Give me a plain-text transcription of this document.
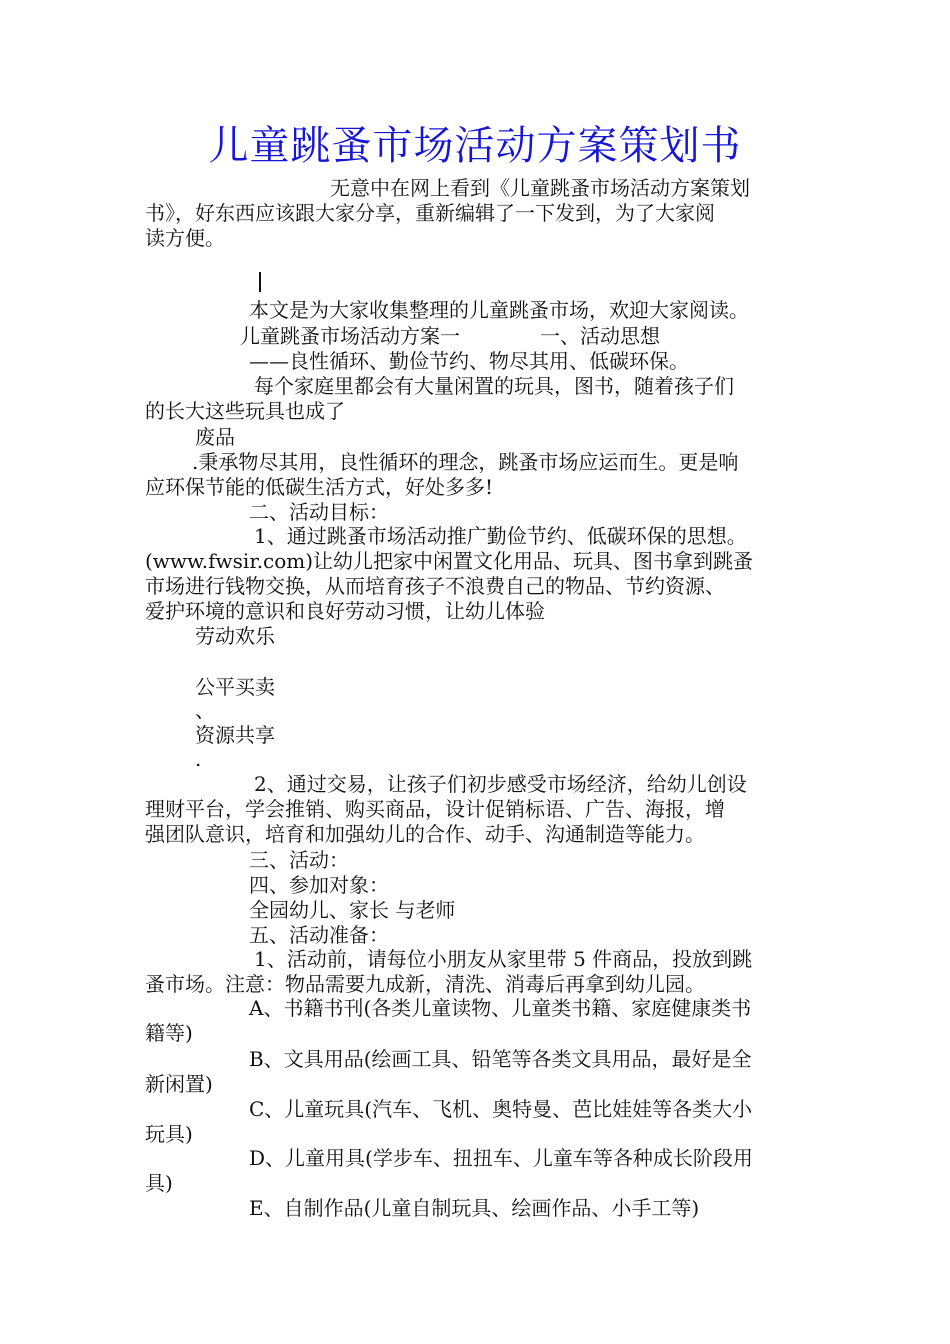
儿童跳蚤市场活动方案策划书
无意中在网上看到《儿童跳蚤市场活动方案策划
书》，好东西应该跟大家分享，重新编辑了一下发到，为了大家阅
读方便。
本文是为大家收集整理的儿童跳蚤市场，欢迎大家阅读。
儿童跳蚤市场活动方案一	一、活动思想
——良性循环、勤俭节约、物尽其用、低碳环保。
每个家庭里都会有大量闲置的玩具，图书，随着孩子们
的长大这些玩具也成了
废品
.秉承物尽其用，良性循环的理念，跳蚤市场应运而生。更是响
应环保节能的低碳生活方式，好处多多!
二、活动目标：
1、通过跳蚤市场活动推广勤俭节约、低碳环保的思想。
(www.fwsir.com)让幼儿把家中闲置文化用品、玩具、图书拿到跳蚤
市场进行钱物交换，从而培育孩子不浪费自己的物品、节约资源、
爱护环境的意识和良好劳动习惯，让幼儿体验
劳动欢乐
公平买卖
、
资源共享
.
2、通过交易，让孩子们初步感受市场经济，给幼儿创设
理财平台，学会推销、购买商品，设计促销标语、广告、海报，增
强团队意识，培育和加强幼儿的合作、动手、沟通制造等能力。
三、活动：
四、参加对象：
全园幼儿、家长 与老师
五、活动准备：
1、活动前，请每位小朋友从家里带 5 件商品，投放到跳
蚤市场。注意：物品需要九成新，清洗、消毒后再拿到幼儿园。
A、书籍书刊(各类儿童读物、儿童类书籍、家庭健康类书
籍等)
B、文具用品(绘画工具、铅笔等各类文具用品，最好是全
新闲置)
C、儿童玩具(汽车、飞机、奥特曼、芭比娃娃等各类大小
玩具)
D、儿童用具(学步车、扭扭车、儿童车等各种成长阶段用
具)
E、自制作品(儿童自制玩具、绘画作品、小手工等)
